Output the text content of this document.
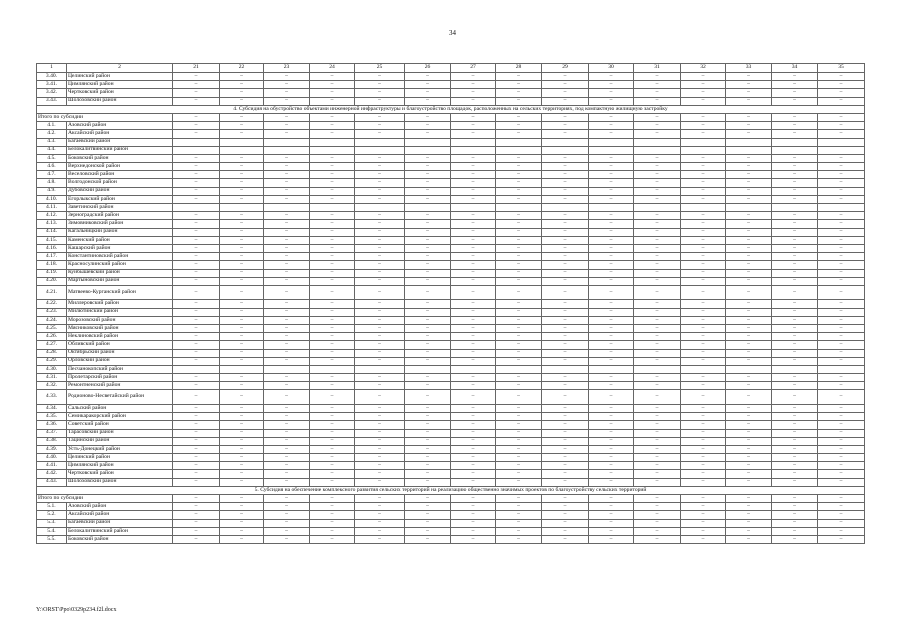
34
1	2	21	22	23	24	25	26	27	28	29	30	31	32	33	34	35
3.40.	Целинский район	–	–	–	–	–	–	–	–	–	–	–	–	–	–	–
3.41.	Цимлянский район	–	–	–	–	–	–	–	–	–	–	–	–	–	–	–
3.42.	Чертковский район	–	–	–	–	–	–	–	–	–	–	–	–	–	–	–
3.43.	Шолоховский район	–	–	–	–	–	–	–	–	–	–	–	–	–	–	–
4. Субсидия на обустройство объектами инженерной инфраструктуры и благоустройство площадок, расположенных на сельских территориях, под компактную жилищную застройку																
Итого по субсидии		–	–	–	–	–	–	–	–	–	–	–	–	–	–	–
4.1.	Азовский район	–	–	–	–	–	–	–	–	–	–	–	–	–	–	–
4.2.	Аксайский район	–	–	–	–	–	–	–	–	–	–	–	–	–	–	–
4.3.	Багаевский район															
4.4.	Белокалитвинский район															
4.5.	Боковский район	–	–	–	–	–	–	–	–	–	–	–	–	–	–	–
4.6.	Верхнедонской район	–	–	–	–	–	–	–	–	–	–	–	–	–	–	–
4.7.	Веселовский район	–	–	–	–	–	–	–	–	–	–	–	–	–	–	–
4.8.	Волгодонской район	–	–	–	–	–	–	–	–	–	–	–	–	–	–	–
4.9.	Дубовский район	–	–	–	–	–	–	–	–	–	–	–	–	–	–	–
4.10.	Егорлыкский район	–	–	–	–	–	–	–	–	–	–	–	–	–	–	–
4.11.	Заветинский район															
4.12.	Зерноградский район	–	–	–	–	–	–	–	–	–	–	–	–	–	–	–
4.13.	Зимовниковский район	–	–	–	–	–	–	–	–	–	–	–	–	–	–	–
4.14.	Кагальницкий район	–	–	–	–	–	–	–	–	–	–	–	–	–	–	–
4.15.	Каменский район	–	–	–	–	–	–	–	–	–	–	–	–	–	–	–
4.16.	Кашарский район	–	–	–	–	–	–	–	–	–	–	–	–	–	–	–
4.17.	Константиновский район	–	–	–	–	–	–	–	–	–	–	–	–	–	–	–
4.18.	Красносулинский район	–	–	–	–	–	–	–	–	–	–	–	–	–	–	–
4.19.	Куйбышевский район	–	–	–	–	–	–	–	–	–	–	–	–	–	–	–
4.20.	Мартыновский район	–	–	–	–	–	–	–	–	–	–	–	–	–	–	–
4.21.	Матвеево-Курганский район	–	–	–	–	–	–	–	–	–	–	–	–	–	–	–
4.22.	Миллеровский район	–	–	–	–	–	–	–	–	–	–	–	–	–	–	–
4.23.	Милютинский район	–	–	–	–	–	–	–	–	–	–	–	–	–	–	–
4.24.	Морозовский район	–	–	–	–	–	–	–	–	–	–	–	–	–	–	–
4.25.	Мясниковский район	–	–	–	–	–	–	–	–	–	–	–	–	–	–	–
4.26.	Неклиновский район	–	–	–	–	–	–	–	–	–	–	–	–	–	–	–
4.27.	Обливский район	–	–	–	–	–	–	–	–	–	–	–	–	–	–	–
4.28.	Октябрьский район	–	–	–	–	–	–	–	–	–	–	–	–	–	–	–
4.29.	Орловский район	–	–	–	–	–	–	–	–	–	–	–	–	–	–	–
4.30.	Песчанокопский район															
4.31.	Пролетарский район	–	–	–	–	–	–	–	–	–	–	–	–	–	–	–
4.32.	Ремонтненский район	–	–	–	–	–	–	–	–	–	–	–	–	–	–	–
4.33.	Родионово-Несветайский район	–	–	–	–	–	–	–	–	–	–	–	–	–	–	–
4.34.	Сальский район	–	–	–	–	–	–	–	–	–	–	–	–	–	–	–
4.35.	Семикаракорский район	–	–	–	–	–	–	–	–	–	–	–	–	–	–	–
4.36.	Советский район	–	–	–	–	–	–	–	–	–	–	–	–	–	–	–
4.37.	Тарасовский район	–	–	–	–	–	–	–	–	–	–	–	–	–	–	–
4.38.	Тацинский район	–	–	–	–	–	–	–	–	–	–	–	–	–	–	–
4.39.	Усть-Донецкий район	–	–	–	–	–	–	–	–	–	–	–	–	–	–	–
4.40.	Целинский район	–	–	–	–	–	–	–	–	–	–	–	–	–	–	–
4.41.	Цимлянский район	–	–	–	–	–	–	–	–	–	–	–	–	–	–	–
4.42.	Чертковский район	–	–	–	–	–	–	–	–	–	–	–	–	–	–	–
4.43.	Шолоховский район	–	–	–	–	–	–	–	–	–	–	–	–	–	–	–
5. Субсидия на обеспечение комплексного развития сельских территорий на реализацию общественно значимых проектов по благоустройству сельских территорий																
Итого по субсидии		–	–	–	–	–	–	–	–	–	–	–	–	–	–	–
5.1.	Азовский район	–	–	–	–	–	–	–	–	–	–	–	–	–	–	–
5.2.	Аксайский район	–	–	–	–	–	–	–	–	–	–	–	–	–	–	–
5.3.	Багаевский район	–	–	–	–	–	–	–	–	–	–	–	–	–	–	–
5.4.	Белокалитвинский район	–	–	–	–	–	–	–	–	–	–	–	–	–	–	–
5.5.	Боковский район	–	–	–	–	–	–	–	–	–	–	–	–	–	–	–
Y:\ORST\Ppo\0329p234.f2l.docx
